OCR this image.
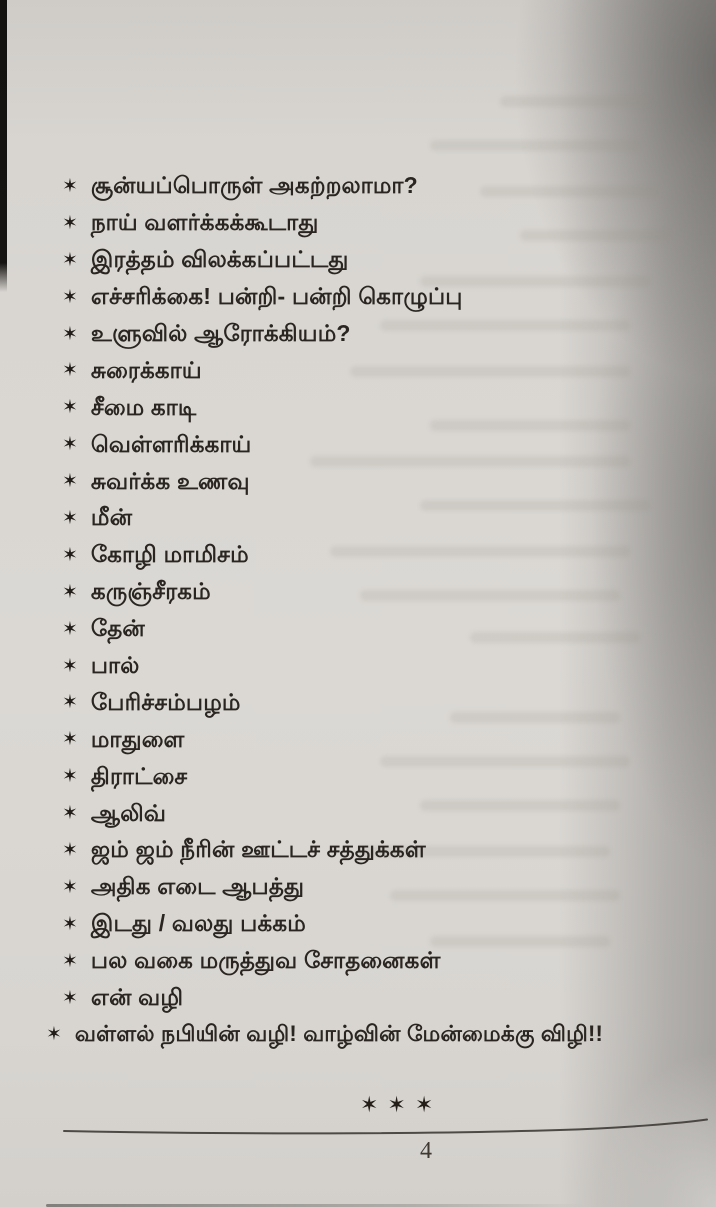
✶ சூன்யப்பொருள் அகற்றலாமா?
✶ நாய் வளர்க்கக்கூடாது
✶ இரத்தம் விலக்கப்பட்டது
✶ எச்சரிக்கை! பன்றி- பன்றி கொழுப்பு
✶ உளுவில் ஆரோக்கியம்?
✶ சுரைக்காய்
✶ சீமை காடி
✶ வெள்ளரிக்காய்
✶ சுவர்க்க உணவு
✶ மீன்
✶ கோழி மாமிசம்
✶ கருஞ்சீரகம்
✶ தேன்
✶ பால்
✶ பேரிச்சம்பழம்
✶ மாதுளை
✶ திராட்சை
✶ ஆலிவ்
✶ ஜம் ஜம் நீரின் ஊட்டச் சத்துக்கள்
✶ அதிக எடை ஆபத்து
✶ இடது / வலது பக்கம்
✶ பல வகை மருத்துவ சோதனைகள்
✶ என் வழி
✶ வள்ளல் நபியின் வழி! வாழ்வின் மேன்மைக்கு விழி!!
✶✶✶
4
